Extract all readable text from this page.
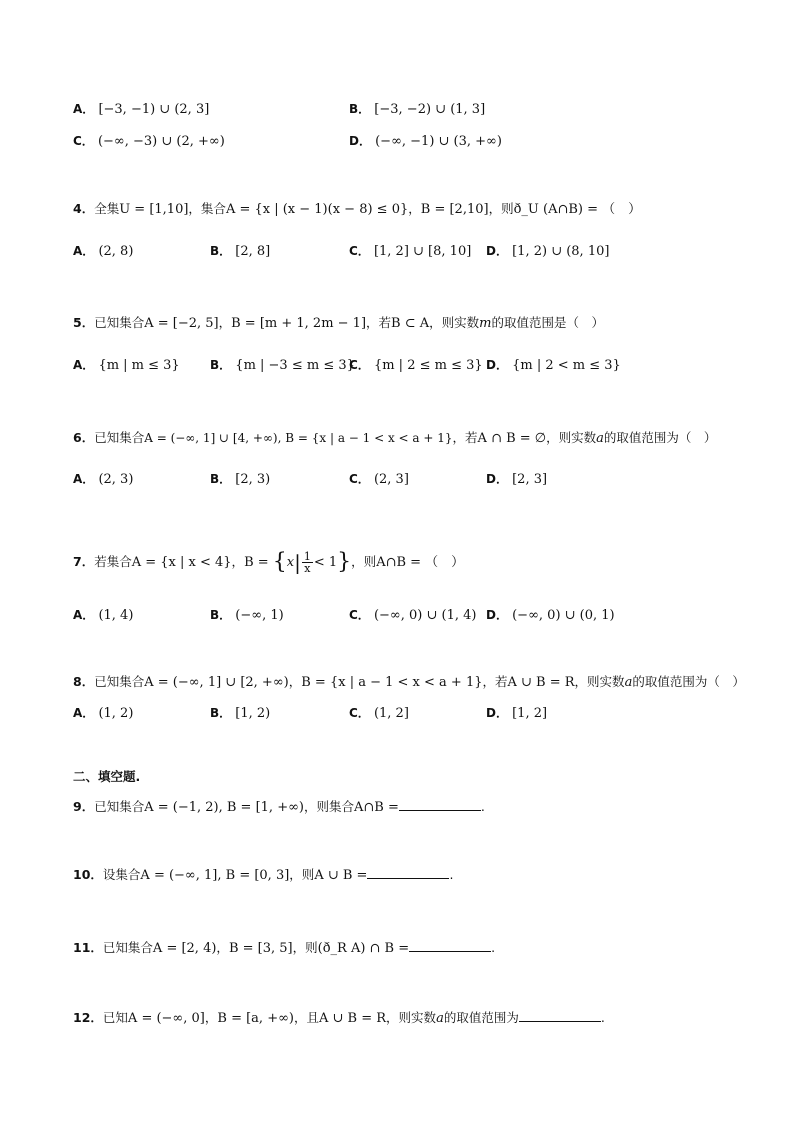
A． [−3, −1) ∪ (2, 3]	B． [−3, −2) ∪ (1, 3]
C． (−∞, −3) ∪ (2, +∞)	D． (−∞, −1) ∪ (3, +∞)
4．全集U = [1,10]，集合A = {x | (x − 1)(x − 8) ≤ 0}，B = [2,10]，则ð_U (A∩B) = （　）
A． (2, 8)	B． [2, 8]	C． [1, 2] ∪ [8, 10] D． [1, 2) ∪ (8, 10]
5．已知集合A = [−2, 5]，B = [m + 1, 2m − 1]，若B ⊂ A，则实数m的取值范围是（　）
A． {m | m ≤ 3}	B． {m | −3 ≤ m ≤ 3}
C． {m | 2 ≤ m ≤ 3} D． {m | 2 < m ≤ 3}
6．已知集合A = (−∞, 1] ∪ [4, +∞), B = {x | a − 1 < x < a + 1}，若A ∩ B = ∅，则实数a的取值范围为（　）
A． (2, 3)	B． [2, 3)	C． (2, 3]	D． [2, 3]
7．若集合A = {x | x < 4}，$B = \{x| \frac{1}{x} < 1\}$，则A∩B = （　）
A． (1, 4)	B． (−∞, 1)	C． (−∞, 0) ∪ (1, 4) D． (−∞, 0) ∪ (0, 1)
8．已知集合A = (−∞, 1] ∪ [2, +∞)，B = {x | a − 1 < x < a + 1}，若A ∪ B = R，则实数a的取值范围为（　）
A． (1, 2)	B． [1, 2)	C． (1, 2]	D． [1, 2]
二、填空题.
9．已知集合A = (−1, 2), B = [1, +∞)，则集合A∩B =	.
10．设集合A = (−∞, 1], B = [0, 3]，则A ∪ B =	.
11．已知集合A = [2, 4)，B = [3, 5]，则(ð_R A) ∩ B =	.
12．已知A = (−∞, 0]，B = [a, +∞)，且A ∪ B = R，则实数a的取值范围为	.
